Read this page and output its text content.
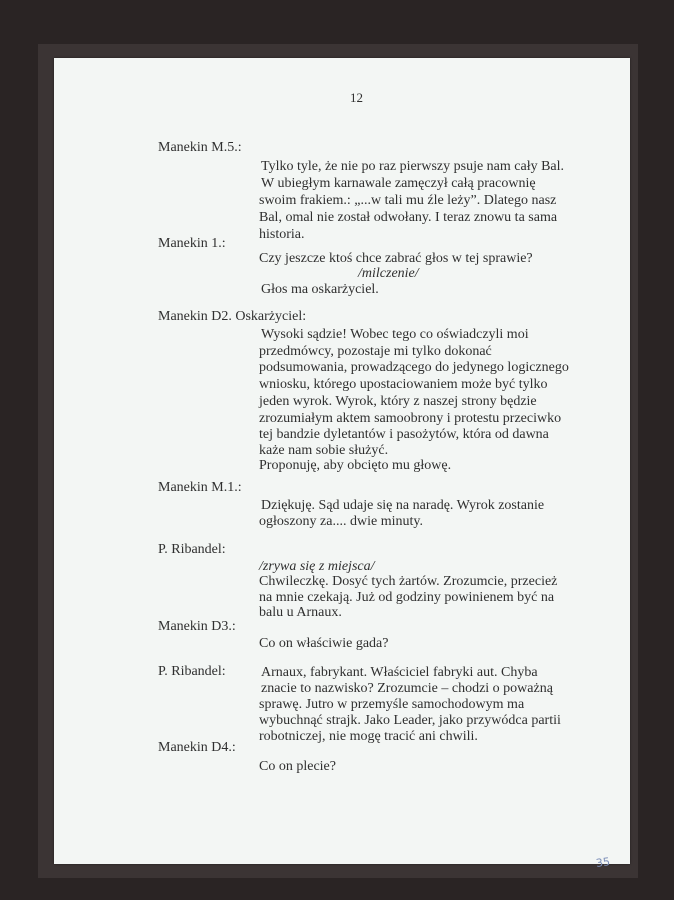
12
Manekin M.5.:
Tylko tyle, że nie po raz pierwszy psuje nam cały Bal.
W ubiegłym karnawale zamęczył całą pracownię
swoim frakiem.: „...w tali mu źle leży”. Dlatego nasz
Bal, omal nie został odwołany. I teraz znowu ta sama
historia.
Manekin 1.:
Czy jeszcze ktoś chce zabrać głos w tej sprawie?
/milczenie/
Głos ma oskarżyciel.
Manekin D2. Oskarżyciel:
Wysoki sądzie! Wobec tego co oświadczyli moi
przedmówcy, pozostaje mi tylko dokonać
podsumowania, prowadzącego do jedynego logicznego
wniosku, którego upostaciowaniem może być tylko
jeden wyrok. Wyrok, który z naszej strony będzie
zrozumiałym aktem samoobrony i protestu przeciwko
tej bandzie dyletantów i pasożytów, która od dawna
każe nam sobie służyć.
Proponuję, aby obcięto mu głowę.
Manekin M.1.:
Dziękuję. Sąd udaje się na naradę. Wyrok zostanie
ogłoszony za.... dwie minuty.
P. Ribandel:
/zrywa się z miejsca/
Chwileczkę. Dosyć tych żartów. Zrozumcie, przecież
na mnie czekają. Już od godziny powinienem być na
balu u Arnaux.
Manekin D3.:
Co on właściwie gada?
P. Ribandel:	Arnaux, fabrykant. Właściciel fabryki aut. Chyba
znacie to nazwisko? Zrozumcie – chodzi o poważną
sprawę. Jutro w przemyśle samochodowym ma
wybuchnąć strajk. Jako Leader, jako przywódca partii
robotniczej, nie mogę tracić ani chwili.
Manekin D4.:
Co on plecie?
35
